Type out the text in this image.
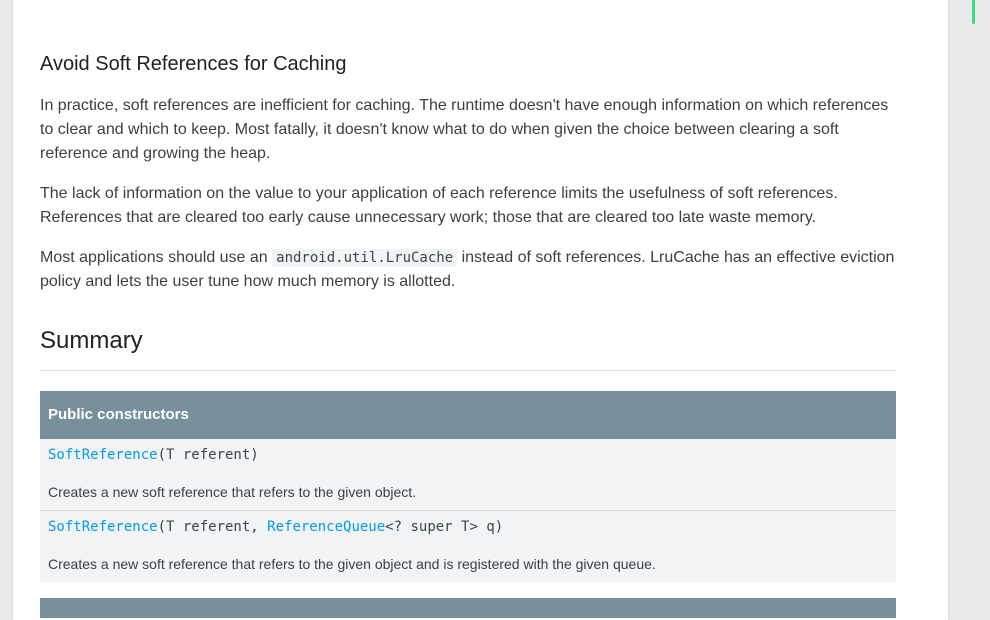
Avoid Soft References for Caching

In practice, soft references are inefficient for caching. The runtime doesn't have enough information on which references to clear and which to keep. Most fatally, it doesn't know what to do when given the choice between clearing a soft reference and growing the heap.

The lack of information on the value to your application of each reference limits the usefulness of soft references. References that are cleared too early cause unnecessary work; those that are cleared too late waste memory.

Most applications should use an android.util.LruCache instead of soft references. LruCache has an effective eviction policy and lets the user tune how much memory is allotted.

Summary
Public constructors
SoftReference(T referent)
Creates a new soft reference that refers to the given object.
SoftReference(T referent, ReferenceQueue<? super T> q)
Creates a new soft reference that refers to the given object and is registered with the given queue.
